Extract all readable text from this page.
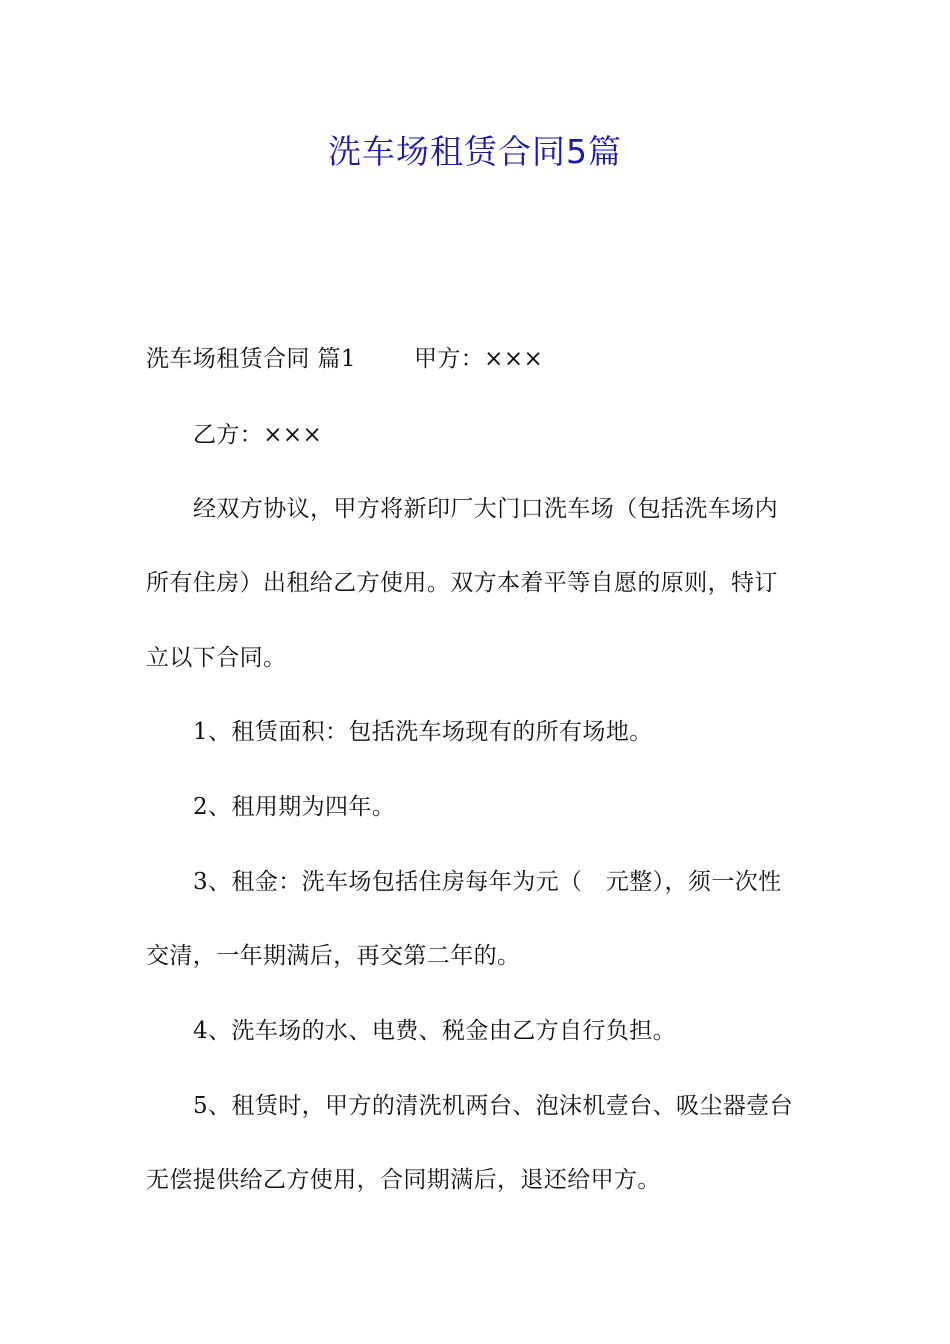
洗车场租赁合同5篇
洗车场租赁合同 篇1	甲方：×××
乙方：×××
经双方协议，甲方将新印厂大门口洗车场（包括洗车场内
所有住房）出租给乙方使用。双方本着平等自愿的原则，特订
立以下合同。
1、租赁面积：包括洗车场现有的所有场地。
2、租用期为四年。
3、租金：洗车场包括住房每年为元（　元整），须一次性
交清，一年期满后，再交第二年的。
4、洗车场的水、电费、税金由乙方自行负担。
5、租赁时，甲方的清洗机两台、泡沫机壹台、吸尘器壹台
无偿提供给乙方使用，合同期满后，退还给甲方。
